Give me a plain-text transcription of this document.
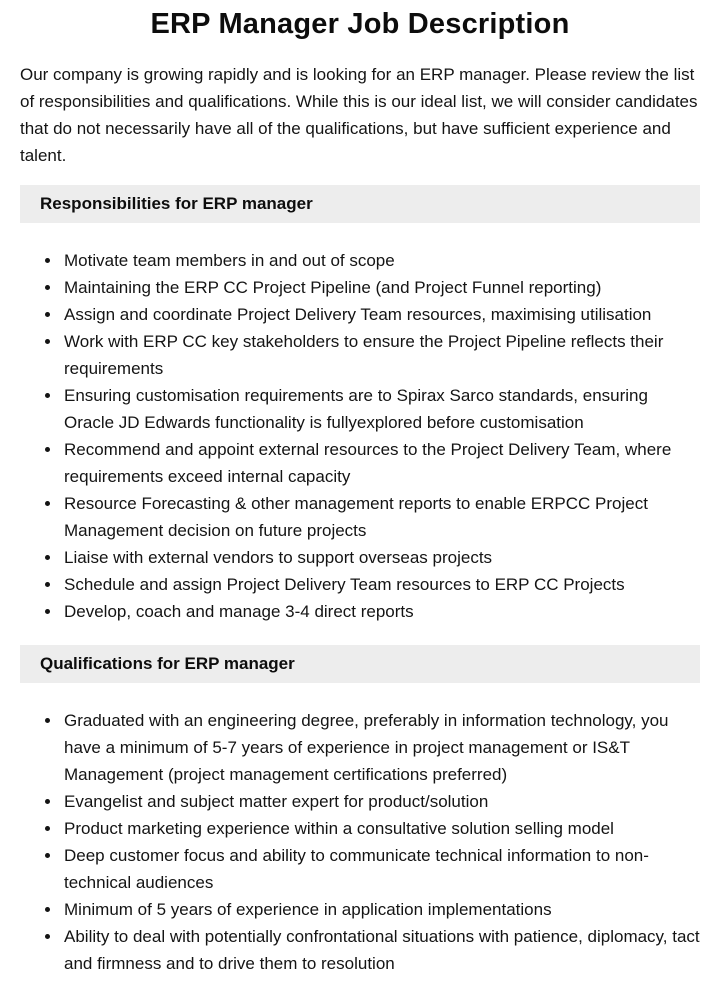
ERP Manager Job Description

Our company is growing rapidly and is looking for an ERP manager. Please review the list of responsibilities and qualifications. While this is our ideal list, we will consider candidates that do not necessarily have all of the qualifications, but have sufficient experience and talent.

Responsibilities for ERP manager
• Motivate team members in and out of scope
• Maintaining the ERP CC Project Pipeline (and Project Funnel reporting)
• Assign and coordinate Project Delivery Team resources, maximising utilisation
• Work with ERP CC key stakeholders to ensure the Project Pipeline reflects their requirements
• Ensuring customisation requirements are to Spirax Sarco standards, ensuring Oracle JD Edwards functionality is fullyexplored before customisation
• Recommend and appoint external resources to the Project Delivery Team, where requirements exceed internal capacity
• Resource Forecasting & other management reports to enable ERPCC Project Management decision on future projects
• Liaise with external vendors to support overseas projects
• Schedule and assign Project Delivery Team resources to ERP CC Projects
• Develop, coach and manage 3-4 direct reports
Qualifications for ERP manager
• Graduated with an engineering degree, preferably in information technology, you have a minimum of 5-7 years of experience in project management or IS&T Management (project management certifications preferred)
• Evangelist and subject matter expert for product/solution
• Product marketing experience within a consultative solution selling model
• Deep customer focus and ability to communicate technical information to non-technical audiences
• Minimum of 5 years of experience in application implementations
• Ability to deal with potentially confrontational situations with patience, diplomacy, tact and firmness and to drive them to resolution
